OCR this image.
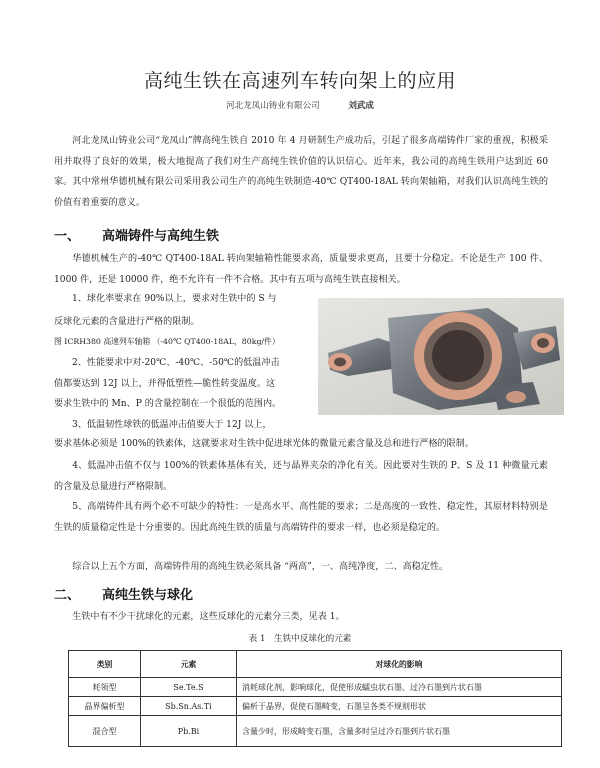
高纯生铁在高速列车转向架上的应用
河北龙凤山铸业有限公司	刘武成

河北龙凤山铸业公司“龙凤山”牌高纯生铁自 2010 年 4 月研制生产成功后，引起了很多高端铸件厂家的重视，积极采用并取得了良好的效果，极大地提高了我们对生产高纯生铁价值的认识信心。近年来，我公司的高纯生铁用户达到近 60 家。其中常州华德机械有限公司采用我公司生产的高纯生铁制造-40℃ QT400-18AL 转向架轴箱，对我们认识高纯生铁的价值有着重要的意义。

一、 高端铸件与高纯生铁

华德机械生产的-40℃ QT400-18AL 转向架轴箱性能要求高，质量要求更高，且要十分稳定。不论是生产 100 件、1000 件，还是 10000 件，绝不允许有一件不合格。其中有五项与高纯生铁直接相关。

1、球化率要求在 90%以上，要求对生铁中的 S 与
反球化元素的含量进行严格的限制。
图 ICRH380 高速列车轴箱 （-40℃ QT400-18AL，80kg/件）
2、性能要求中对-20℃、-40℃、-50℃的低温冲击
值都要达到 12J 以上，并得低塑性—脆性转变温度。这
要求生铁中的 Mn、P 的含量控制在一个很低的范围内。
3、低温韧性球铁的低温冲击值要大于 12J 以上，
要求基体必须是 100%的铁素体，这就要求对生铁中促进球光体的微量元素含量及总和进行严格的限制。

4、低温冲击值不仅与 100%的铁素体基体有关，还与晶界夹杂的净化有关。因此要对生铁的 P、S 及 11 种微量元素的含量及总量进行严格限制。

5、高端铸件具有两个必不可缺少的特性：一是高水平、高性能的要求；二是高度的一致性、稳定性，其原材料特别是生铁的质量稳定性是十分重要的。因此高纯生铁的质量与高端铸件的要求一样，也必须是稳定的。

综合以上五个方面，高端铸件用的高纯生铁必须具备 “两高”，一、高纯净度，二、高稳定性。

二、 高纯生铁与球化

生铁中有不少干扰球化的元素，这些反球化的元素分三类，见表 1。

表 1　生铁中反球化的元素
类别	元素	对球化的影响
耗领型	Se.Te.S	消耗球化剂，影响球化，促使形成蠕虫状石墨、过冷石墨到片状石墨
晶界偏析型	Sb.Sn.As.Ti	偏析于晶界，促使石墨畸变，石墨呈各类不规则形状
混合型	Pb.Bi	含量少时，形成畸变石墨，含量多时呈过冷石墨到片状石墨
